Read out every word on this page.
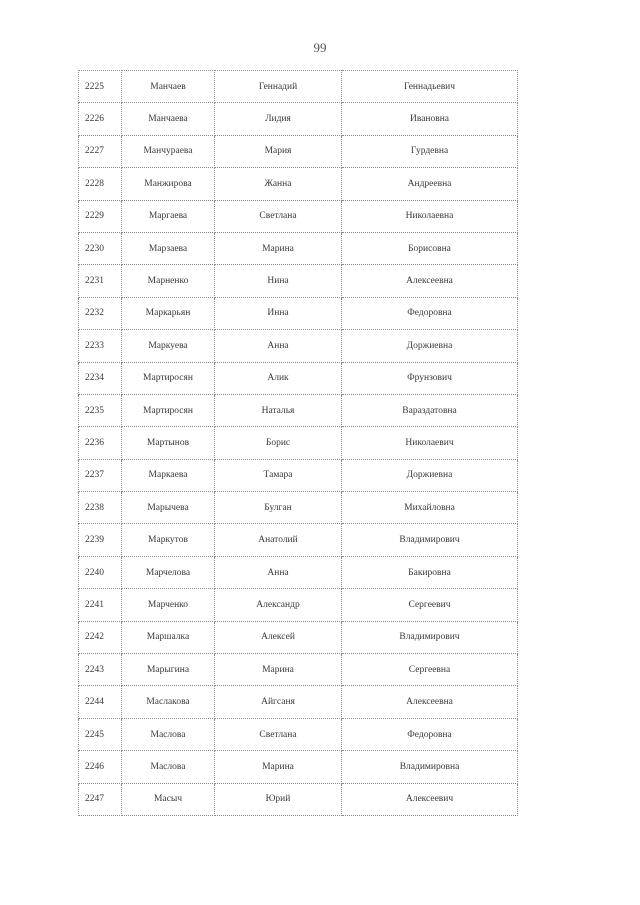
99
2225	Манчаев	Геннадий	Геннадьевич
2226	Манчаева	Лидия	Ивановна
2227	Манчураева	Мария	Гурдевна
2228	Манжирова	Жанна	Андреевна
2229	Маргаева	Светлана	Николаевна
2230	Марзаева	Марина	Борисовна
2231	Марненко	Нина	Алексеевна
2232	Маркарьян	Инна	Федоровна
2233	Маркуева	Анна	Доржиевна
2234	Мартиросян	Алик	Фрунзович
2235	Мартиросян	Наталья	Вараздатовна
2236	Мартынов	Борис	Николаевич
2237	Маркаева	Тамара	Доржиевна
2238	Марычева	Булган	Михайловна
2239	Маркутов	Анатолий	Владимирович
2240	Марчелова	Анна	Бакировна
2241	Марченко	Александр	Сергеевич
2242	Маршалка	Алексей	Владимирович
2243	Марыгина	Марина	Сергеевна
2244	Маслакова	Айгсаня	Алексеевна
2245	Маслова	Светлана	Федоровна
2246	Маслова	Марина	Владимировна
2247	Масыч	Юрий	Алексеевич
